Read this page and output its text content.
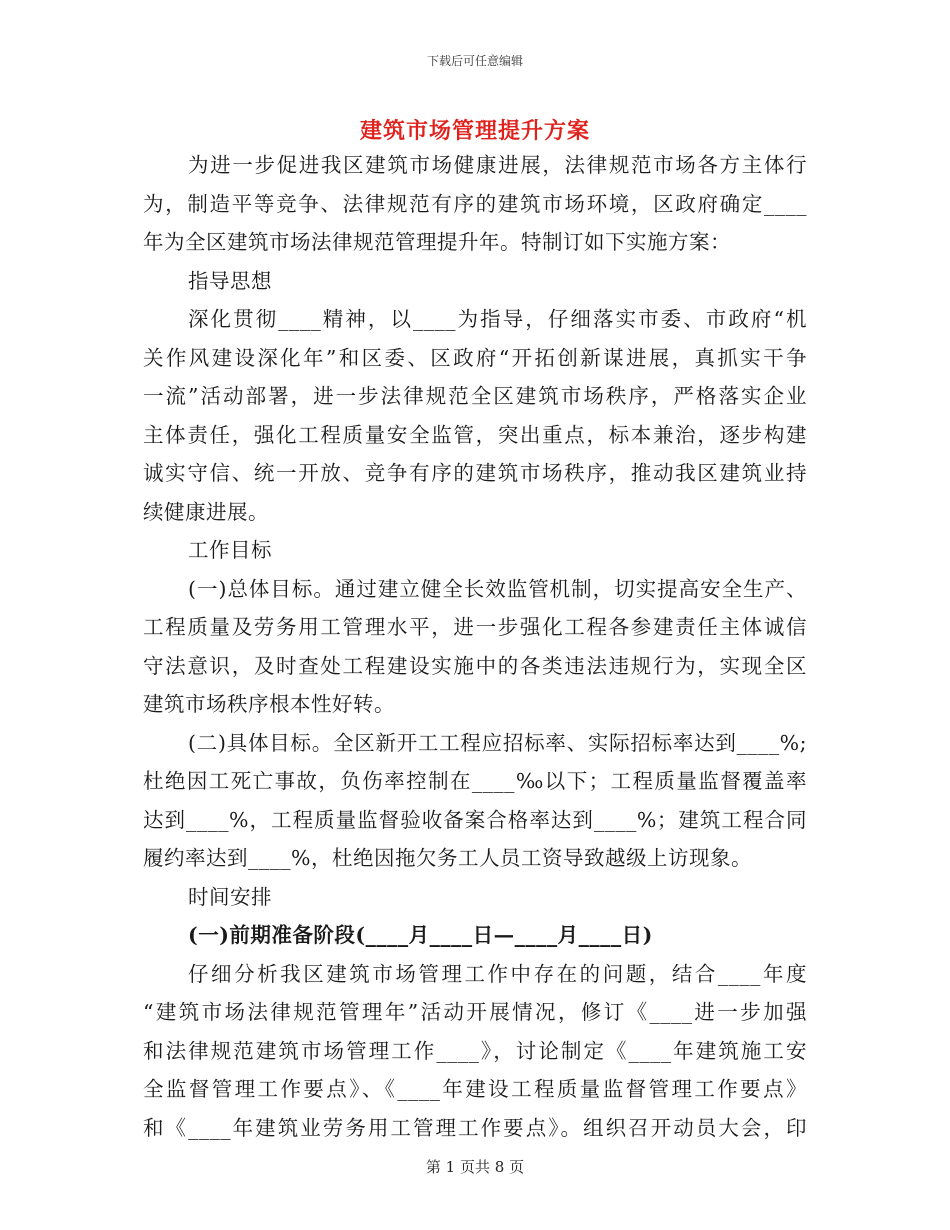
下载后可任意编辑
建筑市场管理提升方案
为进一步促进我区建筑市场健康进展，法律规范市场各方主体行
为，制造平等竞争、法律规范有序的建筑市场环境，区政府确定____
年为全区建筑市场法律规范管理提升年。特制订如下实施方案：
指导思想
深化贯彻____精神，以____为指导，仔细落实市委、市政府“机
关作风建设深化年”和区委、区政府“开拓创新谋进展，真抓实干争
一流”活动部署，进一步法律规范全区建筑市场秩序，严格落实企业
主体责任，强化工程质量安全监管，突出重点，标本兼治，逐步构建
诚实守信、统一开放、竞争有序的建筑市场秩序，推动我区建筑业持
续健康进展。
工作目标
(一)总体目标。通过建立健全长效监管机制，切实提高安全生产、
工程质量及劳务用工管理水平，进一步强化工程各参建责任主体诚信
守法意识，及时查处工程建设实施中的各类违法违规行为，实现全区
建筑市场秩序根本性好转。
(二)具体目标。全区新开工工程应招标率、实际招标率达到____%;
杜绝因工死亡事故，负伤率控制在____‰以下；工程质量监督覆盖率
达到____%，工程质量监督验收备案合格率达到____%；建筑工程合同
履约率达到____%，杜绝因拖欠务工人员工资导致越级上访现象。
时间安排
(一)前期准备阶段(____月____日—____月____日)
仔细分析我区建筑市场管理工作中存在的问题，结合____年度
“建筑市场法律规范管理年”活动开展情况，修订《____进一步加强
和法律规范建筑市场管理工作____》，讨论制定《____年建筑施工安
全监督管理工作要点》、《____年建设工程质量监督管理工作要点》
和《____年建筑业劳务用工管理工作要点》。组织召开动员大会，印
第 1 页共 8 页
